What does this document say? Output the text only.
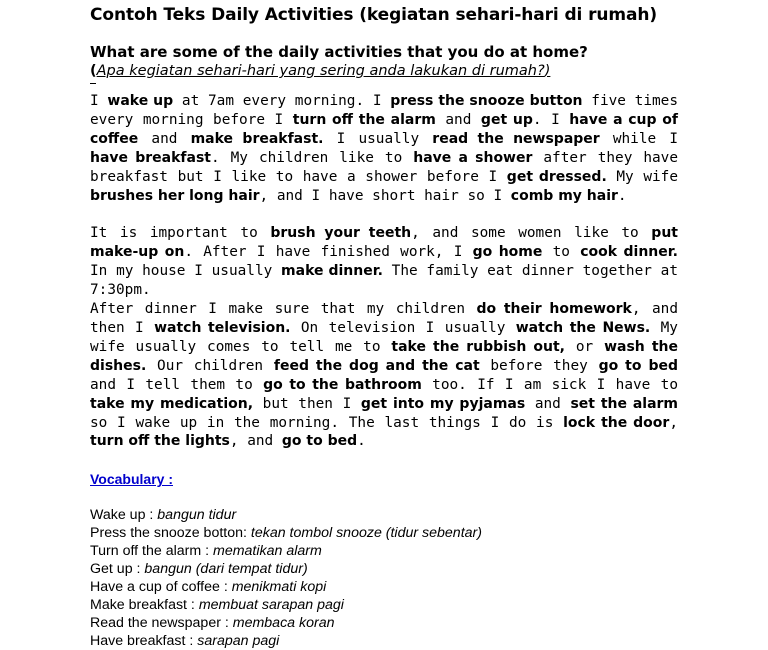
Contoh Teks Daily Activities (kegiatan sehari-hari di rumah)

What are some of the daily activities that you do at home?

(Apa kegiatan sehari-hari yang sering anda lakukan di rumah?)

I wake up at 7am every morning. I press the snooze button five times every morning before I turn off the alarm and get up. I have a cup of coffee and make breakfast. I usually read the newspaper while I have breakfast. My children like to have a shower after they have breakfast but I like to have a shower before I get dressed. My wife brushes her long hair, and I have short hair so I comb my hair.

It is important to brush your teeth, and some women like to put make-up on. After I have finished work, I go home to cook dinner. In my house I usually make dinner. The family eat dinner together at 7:30pm.

After dinner I make sure that my children do their homework, and then I watch television. On television I usually watch the News. My wife usually comes to tell me to take the rubbish out, or wash the dishes. Our children feed the dog and the cat before they go to bed and I tell them to go to the bathroom too. If I am sick I have to take my medication, but then I get into my pyjamas and set the alarm so I wake up in the morning. The last things I do is lock the door, turn off the lights, and go to bed.

Vocabulary :
Wake up : bangun tidur
Press the snooze botton: tekan tombol snooze (tidur sebentar)
Turn off the alarm : mematikan alarm
Get up : bangun (dari tempat tidur)
Have a cup of coffee : menikmati kopi
Make breakfast : membuat sarapan pagi
Read the newspaper : membaca koran
Have breakfast : sarapan pagi
